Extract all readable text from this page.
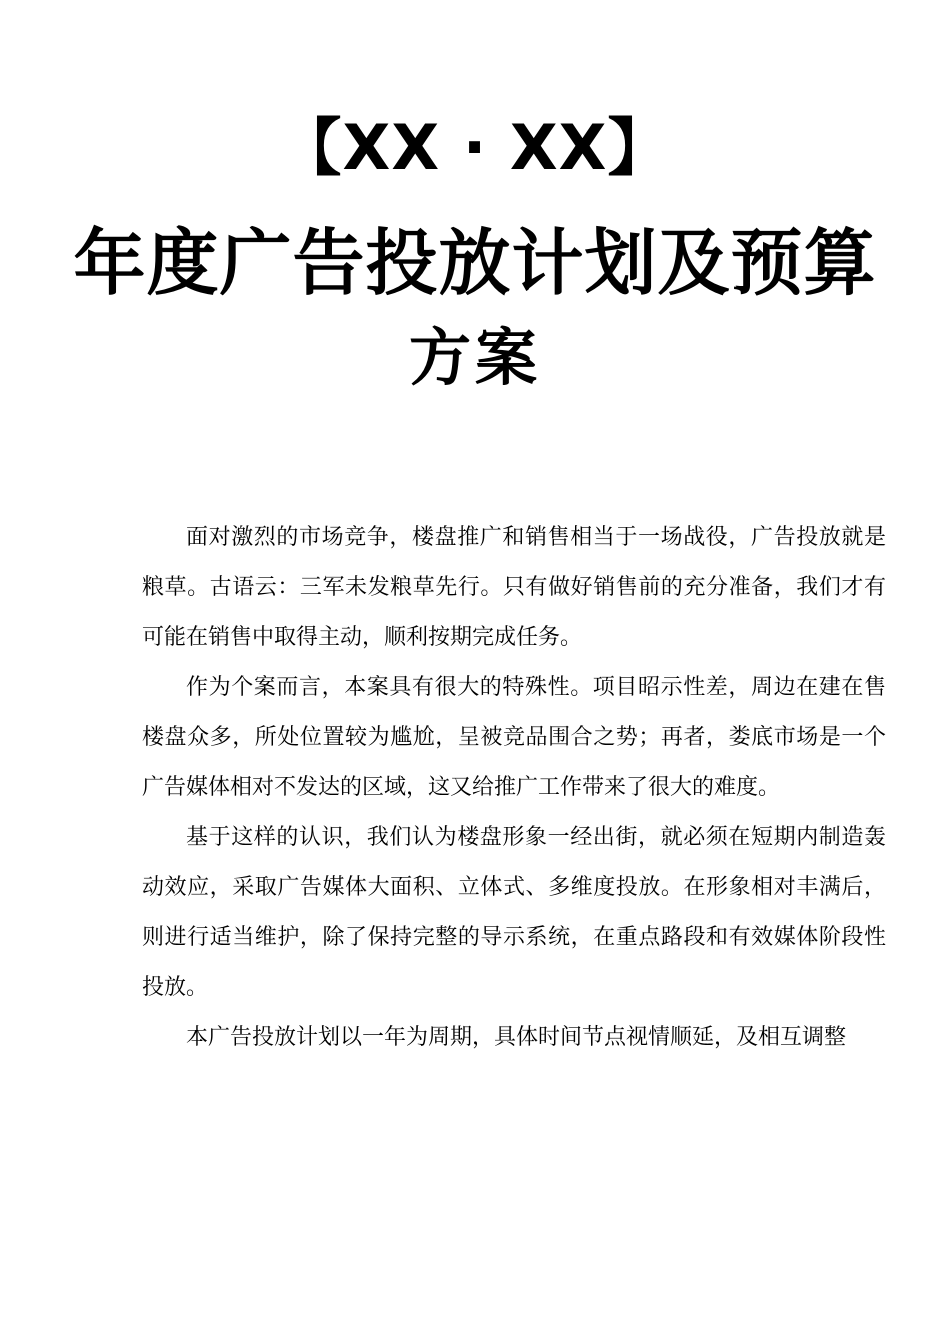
【XX · XX】
年度广告投放计划及预算
方案

面对激烈的市场竞争，楼盘推广和销售相当于一场战役，广告投放就是粮草。古语云：三军未发粮草先行。只有做好销售前的充分准备，我们才有可能在销售中取得主动，顺利按期完成任务。

作为个案而言，本案具有很大的特殊性。项目昭示性差，周边在建在售楼盘众多，所处位置较为尴尬，呈被竞品围合之势；再者，娄底市场是一个广告媒体相对不发达的区域，这又给推广工作带来了很大的难度。

基于这样的认识，我们认为楼盘形象一经出街，就必须在短期内制造轰动效应，采取广告媒体大面积、立体式、多维度投放。在形象相对丰满后，则进行适当维护，除了保持完整的导示系统，在重点路段和有效媒体阶段性投放。

本广告投放计划以一年为周期，具体时间节点视情顺延，及相互调整
